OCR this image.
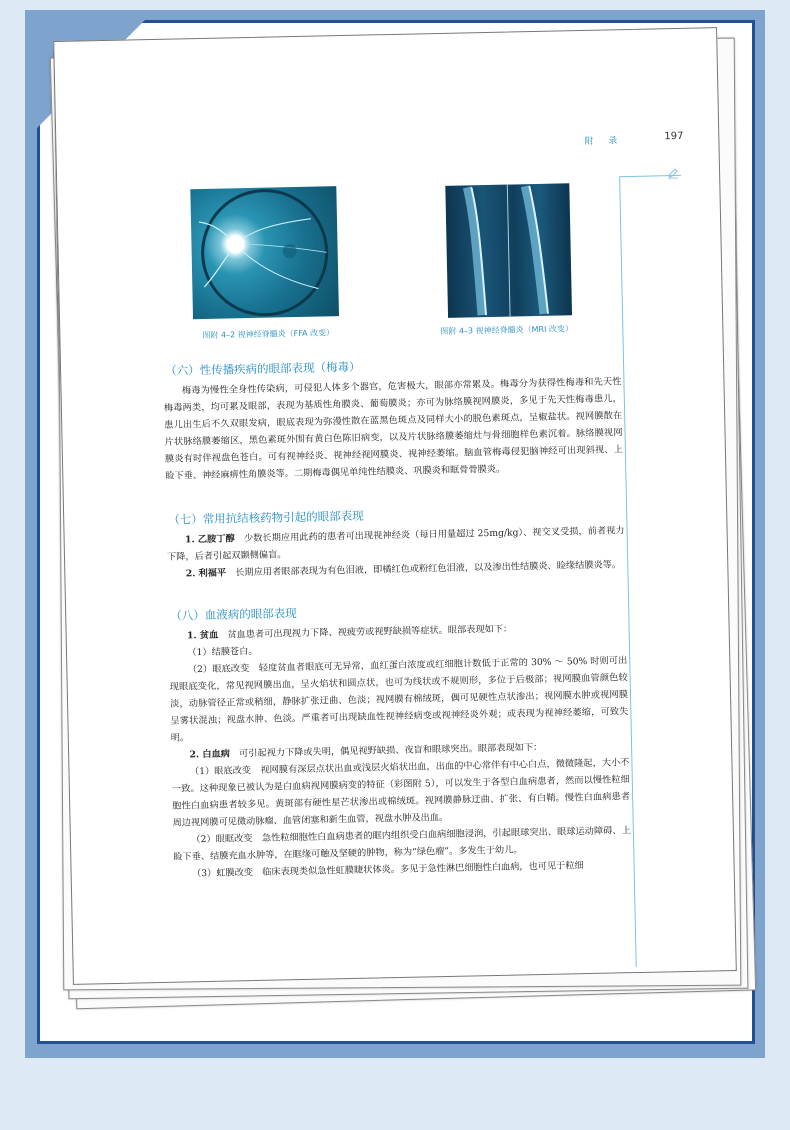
附 录	197
图附 4–2 视神经脊髓炎（FFA 改变）	图附 4–3 视神经脊髓炎（MRI 改变）
（六）性传播疾病的眼部表现（梅毒）
梅毒为慢性全身性传染病，可侵犯人体多个器官，危害极大，眼部亦常累及。梅毒分为获得性梅毒和先天性梅毒两类，均可累及眼部，表现为基质性角膜炎、葡萄膜炎；亦可为脉络膜视网膜炎，多见于先天性梅毒患儿，患儿出生后不久双眼发病，眼底表现为弥漫性散在蓝黑色斑点及同样大小的脱色素斑点，呈椒盐状。视网膜散在片状脉络膜萎缩区，黑色素斑外围有黄白色陈旧病变，以及片状脉络膜萎缩灶与骨细胞样色素沉着。脉络膜视网膜炎有时伴视盘色苍白。可有视神经炎、视神经视网膜炎、视神经萎缩。脑血管梅毒侵犯脑神经可出现斜视、上睑下垂、神经麻痹性角膜炎等。二期梅毒偶见单纯性结膜炎、巩膜炎和眶骨骨膜炎。
（七）常用抗结核药物引起的眼部表现
1. 乙胺丁醇　 少数长期应用此药的患者可出现视神经炎（每日用量超过 25mg/kg）、视交叉受损，前者视力下降，后者引起双颞侧偏盲。
2. 利福平　 长期应用者眼部表现为有色泪液，即橘红色或粉红色泪液，以及渗出性结膜炎、睑缘结膜炎等。
（八）血液病的眼部表现
1. 贫血　 贫血患者可出现视力下降、视疲劳或视野缺损等症状。眼部表现如下：
（1）结膜苍白。
（2）眼底改变　轻度贫血者眼底可无异常，血红蛋白浓度或红细胞计数低于正常的 30% ～ 50% 时则可出现眼底变化，常见视网膜出血，呈火焰状和圆点状，也可为线状或不规则形，多位于后极部；视网膜血管颜色较淡，动脉管径正常或稍细，静脉扩张迂曲、色淡；视网膜有棉绒斑，偶可见硬性点状渗出；视网膜水肿或视网膜呈雾状混浊；视盘水肿、色淡。严重者可出现缺血性视神经病变或视神经炎外观；或表现为视神经萎缩，可致失明。
2. 白血病　 可引起视力下降或失明，偶见视野缺损、夜盲和眼球突出。眼部表现如下：
（1）眼底改变　视网膜有深层点状出血或浅层火焰状出血，出血的中心常伴有中心白点，微微隆起，大小不一致。这种现象已被认为是白血病视网膜病变的特征（彩图附 5），可以发生于各型白血病患者，然而以慢性粒细胞性白血病患者较多见。黄斑部有硬性星芒状渗出或棉绒斑。视网膜静脉迂曲、扩张、有白鞘。慢性白血病患者周边视网膜可见微动脉瘤、血管闭塞和新生血管，视盘水肿及出血。
（2）眼眶改变　急性粒细胞性白血病患者的眶内组织受白血病细胞浸润，引起眼球突出、眼球运动障碍、上睑下垂、结膜充血水肿等，在眶缘可触及坚硬的肿物，称为“绿色瘤”。多发生于幼儿。
（3）虹膜改变　临床表现类似急性虹膜睫状体炎。多见于急性淋巴细胞性白血病，也可见于粒细
